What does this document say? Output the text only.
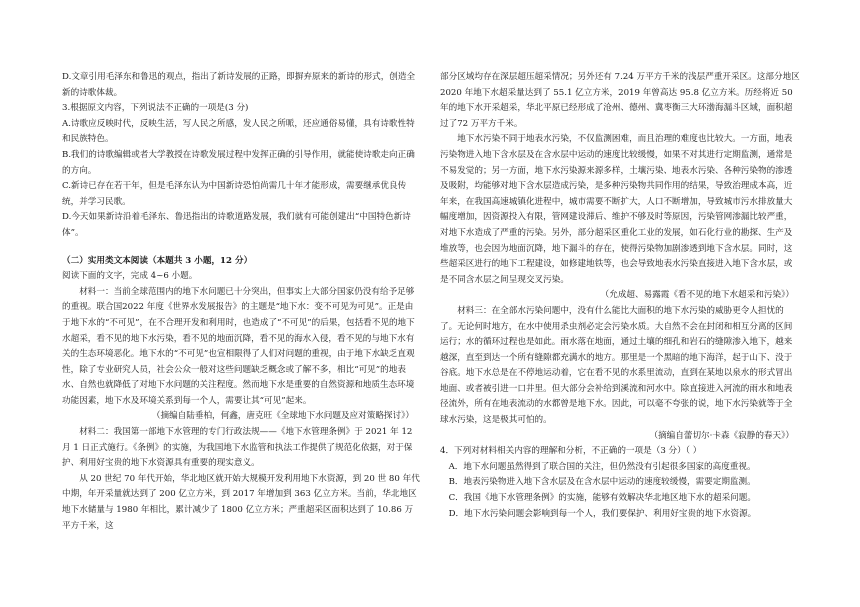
D.文章引用毛泽东和鲁迅的观点，指出了新诗发展的正路，即摒弃原来的新诗的形式，创造全新的诗歌体裁。

3.根据原文内容，下列说法不正确的一项是(3 分)

A.诗歌应反映时代，反映生活，写人民之所感，发人民之所哌，还应通俗易懂，具有诗歌性特和民族特色。

B.我们的诗歌编辑或者大学教授在诗歌发展过程中发挥正确的引导作用，就能使诗歌走向正确的方向。

C.新诗已存在若干年，但是毛泽东认为中国新诗恐怕尚需几十年才能形成，需要继承优良传统，并学习民歌。

D.今天如果新诗沿着毛泽东、鲁迅指出的诗歌道路发展，我们就有可能创建出“中国特色新诗体”。

（二）实用类文本阅读（本题共 3 小题，12 分）

阅读下面的文字，完成 4~6 小题。

材料一：当前全球范围内的地下水问题已十分突出，但事实上大部分国家仍没有给予足够的重视。联合国2022 年度《世界水发展报告》的主题是“地下水：变不可见为可见”。正是由于地下水的“不可见”，在不合理开发和利用时，也造成了“不可见”的后果，包括看不见的地下水超采，看不见的地下水污染，看不见的地面沉降，看不见的海水入侵，看不见的与地下水有关的生态环境恶化。地下水的“不可见”也宣相限得了人们对问题的重视，由于地下水缺乏直观性，除了专业研究人员，社会公众一般对这些问题缺乏概念或了解不多，相比“可见”的地表水、自然也就降低了对地下水问题的关注程度。然而地下水是重要的自然资源和地质生态环境功能因素，地下水及环境关系到每一个人，需要让其“可见”起来。

（摘编自陆垂柏，何鑫，唐克旺《全球地下水问题及应对策略探讨》）

材料二：我国第一部地下水管理的专门行政法规——《地下水管理条例》于 2021 年 12 月 1 日正式施行。《条例》的实施，为我国地下水监管和执法工作提供了规范化依据，对于保护、利用好宝贵的地下水资源具有重要的现实意义。

从 20 世纪 70 年代开始，华北地区就开始大规模开发利用地下水资源，到 20 世 80 年代中期，年开采量就达到了 200 亿立方米，到 2017 年增加到 363 亿立方米。当前，华北地区地下水储量与 1980 年相比，累计减少了 1800 亿立方米；严重超采区面积达到了 10.86 万平方千米，这

部分区域均存在深层超压超采情况；另外还有 7.24 万平方千米的浅层严重开采区。这部分地区2020 年地下水超采量达到了 55.1 亿立方米，2019 年曾高达 95.8 亿立方米。历经将近 50 年的地下水开采超采，华北平原已经形成了沧州、德州、冀枣衡三大环渤海漏斗区域，面积超过了72 万平方千米。

地下水污染不同于地表水污染，不仅监测困难，而且治理的难度也比较大。一方面，地表污染物进入地下含水层及在含水层中运动的速度比较缓慢，如果不对其进行定期监测，通常是不易发觉的；另一方面，地下水污染源来源多样，土壤污染、地表水污染、各种污染物的渗透及吸附，均能够对地下含水层造成污染，是多种污染物共同作用的结果，导致治理成本高，近年来，在我国高速城镇化进程中，城市需要不断扩大，人口不断增加，导致城市污水排放量大幅度增加，因资源投入有限，管网建设滞后、维护不够及时等原因，污染管网渗漏比较严重，对地下水造成了严重的污染。另外，部分超采区重化工业的发展，如石化行业的勘探、生产及堆放等，也会因为地面沉降，地下漏斗的存在，使得污染物加剧渗透到地下含水层。同时，这些超采区进行的地下工程建设，如修建地铁等，也会导致地表水污染直接进入地下含水层，或是不同含水层之间呈现交叉污染。

（允成超、易露霞《看不见的地下水超采和污染》）

材料三：在全部水污染问题中，没有什么能比大面积的地下水污染的威胁更令人担忧的了。无论何时地方，在水中使用杀虫剂必定会污染水质。大自然不会在封闭和相互分离的区间运行；水的循环过程也是如此。雨水落在地面，通过土壤的细孔和岩石的缝隙渗入地下，越来越深，直至到达一个所有缝隙都充满水的地方。那里是一个黑暗的地下海洋，起于山下、没于谷底。地下水总是在不停地运动着，它在看不见的水系里流动，直到在某地以泉水的形式冒出地面、或者被引进一口井里。但大部分会补给到溪流和河水中。除直接进入河流的雨水和地表径流外，所有在地表流动的水都曾是地下水。因此，可以毫不夸张的说，地下水污染就等于全球水污染，这是极其可怕的。

（摘编自蕾切尔·卡森《寂静的春天》）

4．下列对材料相关内容的理解和分析，不正确的一项是（3 分）（ ）

A．地下水问题虽然得到了联合国的关注，但仍然没有引起很多国家的高度重视。

B．地表污染物进入地下含水层及在含水层中运动的速度较缓慢，需要定期监测。

C．我国《地下水管理条例》的实施，能够有效解决华北地区地下水的超采问题。

D．地下水污染问题会影响到每一个人，我们要保护、利用好宝贵的地下水资源。
